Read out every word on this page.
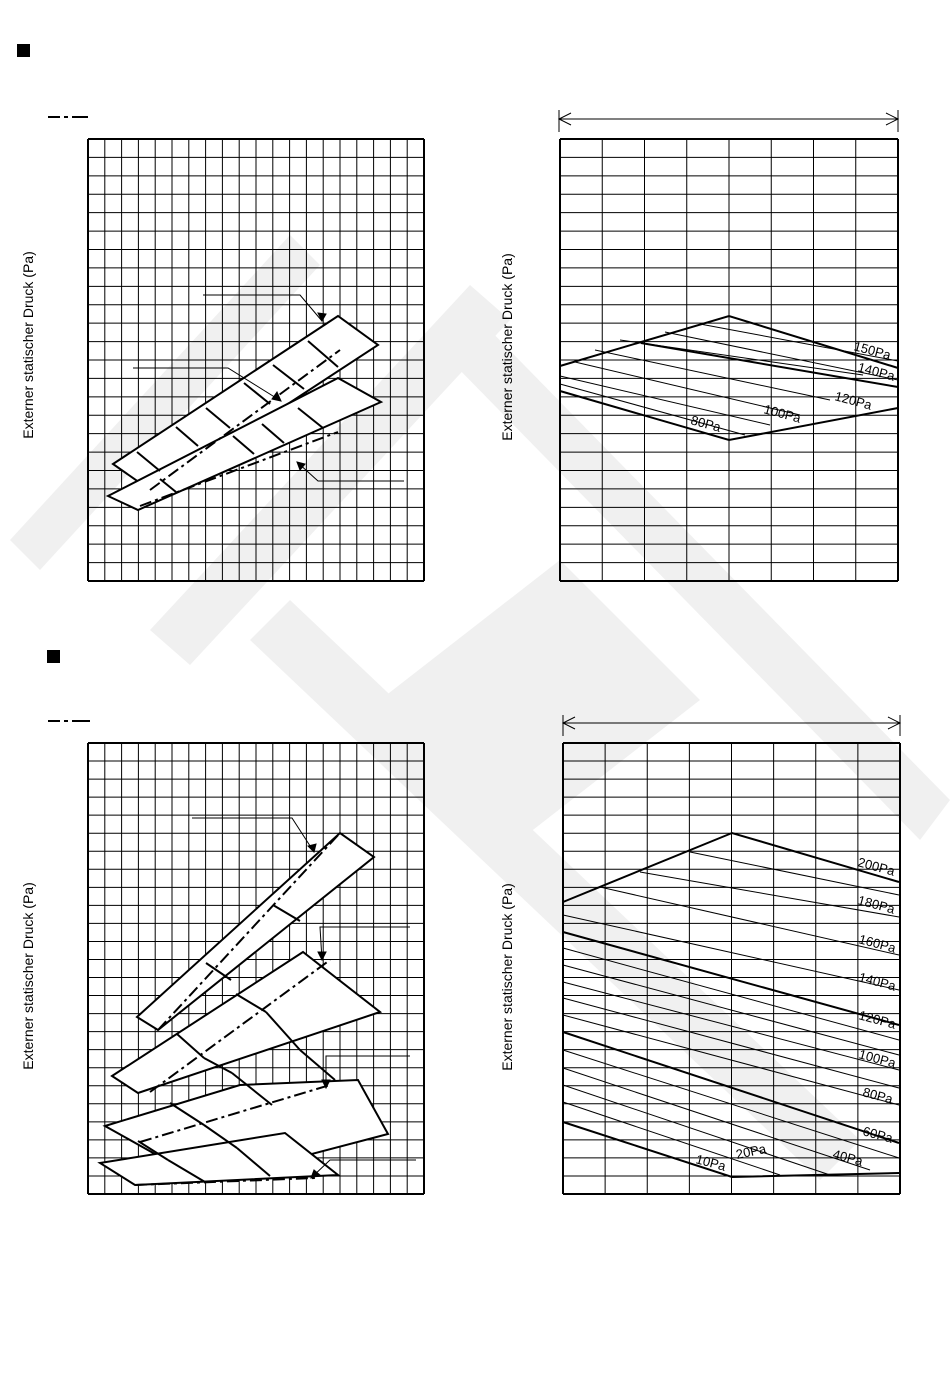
Externer statischer Druck (Pa)	Externer statischer Druck (Pa)
Externer statischer Druck (Pa)	Externer statischer Druck (Pa)
150Pa
140Pa
120Pa
100Pa
80Pa
200Pa
180Pa
160Pa
140Pa
120Pa
100Pa
80Pa
60Pa
40Pa
20Pa
10Pa
